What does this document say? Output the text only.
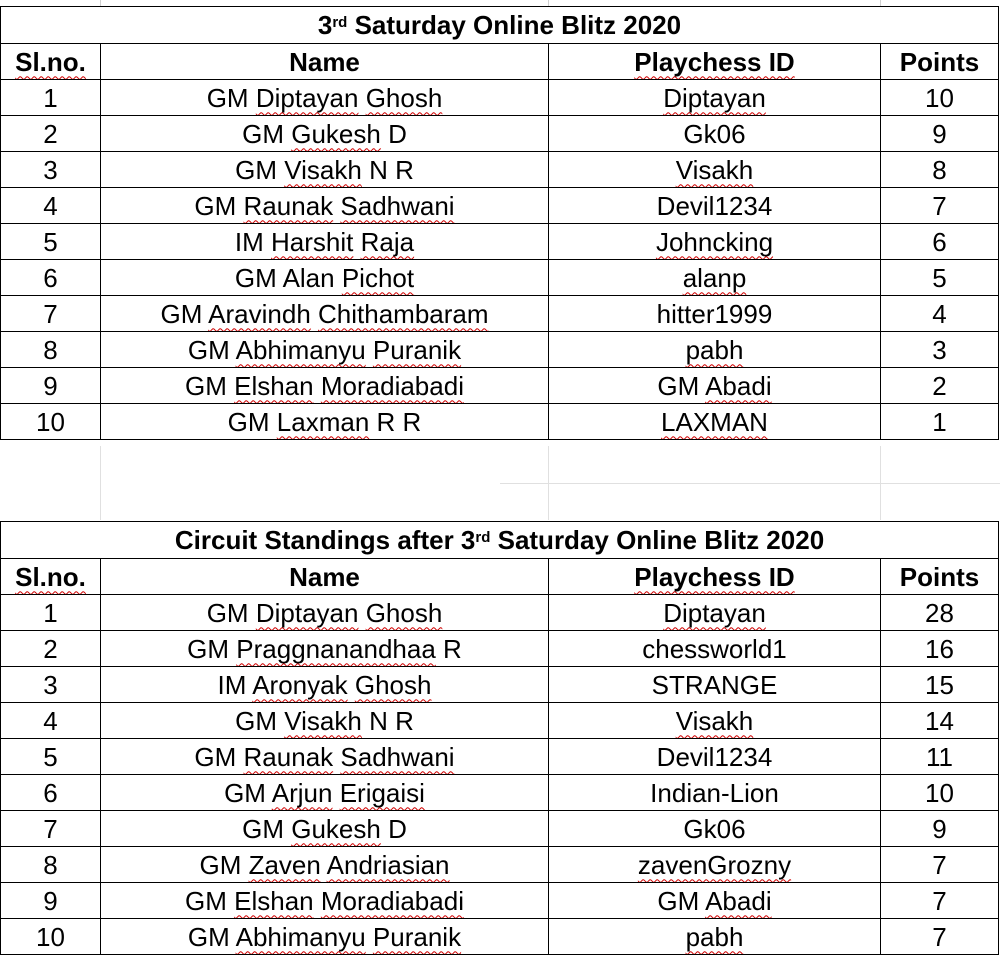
3rd Saturday Online Blitz 2020			
Sl.no.	Name	Playchess ID	Points
1	GM Diptayan Ghosh	Diptayan	10
2	GM Gukesh D	Gk06	9
3	GM Visakh N R	Visakh	8
4	GM Raunak Sadhwani	Devil1234	7
5	IM Harshit Raja	Johncking	6
6	GM Alan Pichot	alanp	5
7	GM Aravindh Chithambaram	hitter1999	4
8	GM Abhimanyu Puranik	pabh	3
9	GM Elshan Moradiabadi	GM Abadi	2
10	GM Laxman R R	LAXMAN	1
Circuit Standings after 3rd Saturday Online Blitz 2020			
Sl.no.	Name	Playchess ID	Points
1	GM Diptayan Ghosh	Diptayan	28
2	GM Praggnanandhaa R	chessworld1	16
3	IM Aronyak Ghosh	STRANGE	15
4	GM Visakh N R	Visakh	14
5	GM Raunak Sadhwani	Devil1234	11
6	GM Arjun Erigaisi	Indian-Lion	10
7	GM Gukesh D	Gk06	9
8	GM Zaven Andriasian	zavenGrozny	7
9	GM Elshan Moradiabadi	GM Abadi	7
10	GM Abhimanyu Puranik	pabh	7
